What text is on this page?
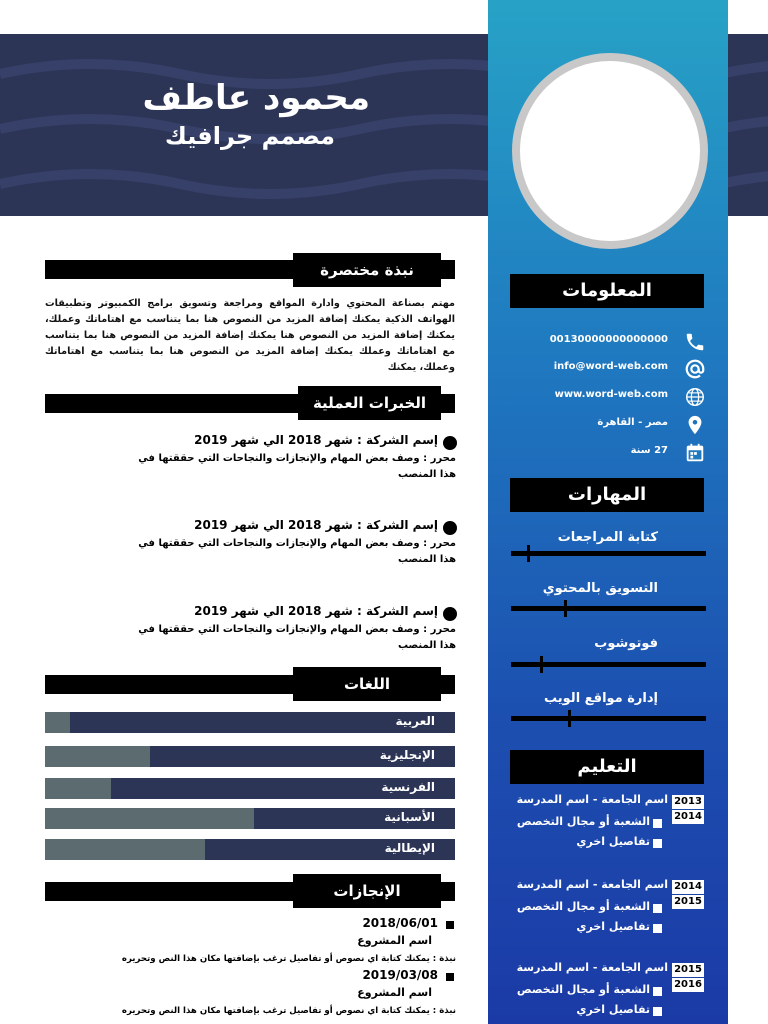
محمود عاطف
مصمم جرافيك
المعلومات
00130000000000000
info@word-web.com
www.word-web.com
مصر - القاهرة
27 سنة
المهارات
كتابة المراجعات
التسويق بالمحتوي
فوتوشوب
إدارة مواقع الويب
التعليم
2013
2014
اسم الجامعة - اسم المدرسة
الشعبة أو مجال التخصص
تفاصيل اخري
2014
2015
اسم الجامعة - اسم المدرسة
الشعبة أو مجال التخصص
تفاصيل اخري
2015
2016
اسم الجامعة - اسم المدرسة
الشعبة أو مجال التخصص
تفاصيل اخري
نبذة مختصرة
مهتم بصناعة المحتوي وادارة المواقع ومراجعة وتسويق برامج الكمبيوتر وتطبيقات الهواتف الذكية يمكنك إضافة المزيد من النصوص هنا بما يتناسب مع اهتاماتك وعملك، يمكنك إضافة المزيد من النصوص هنا يمكنك إضافة المزيد من النصوص هنا بما يتناسب مع اهتاماتك وعملك يمكنك إضافة المزيد من النصوص هنا بما يتناسب مع اهتاماتك وعملك، يمكنك
الخبرات العملية
إسم الشركة : شهر 2018 الي شهر 2019
محرر : وصف بعض المهام والإنجازات والنجاحات التي حققتها في هذا المنصب
إسم الشركة : شهر 2018 الي شهر 2019
محرر : وصف بعض المهام والإنجازات والنجاحات التي حققتها في هذا المنصب
إسم الشركة : شهر 2018 الي شهر 2019
محرر : وصف بعض المهام والإنجازات والنجاحات التي حققتها في هذا المنصب
اللغات
العربية
الإنجليزية
الفرنسية
الأسبانية
الإيطالية
الإنجازات
2018/06/01
اسم المشروع
نبذة : يمكنك كتابة اي نصوص أو تفاصيل ترغب بإضافتها مكان هذا النص وتحريره
2019/03/08
اسم المشروع
نبذة : يمكنك كتابة اي نصوص أو تفاصيل ترغب بإضافتها مكان هذا النص وتحريره
